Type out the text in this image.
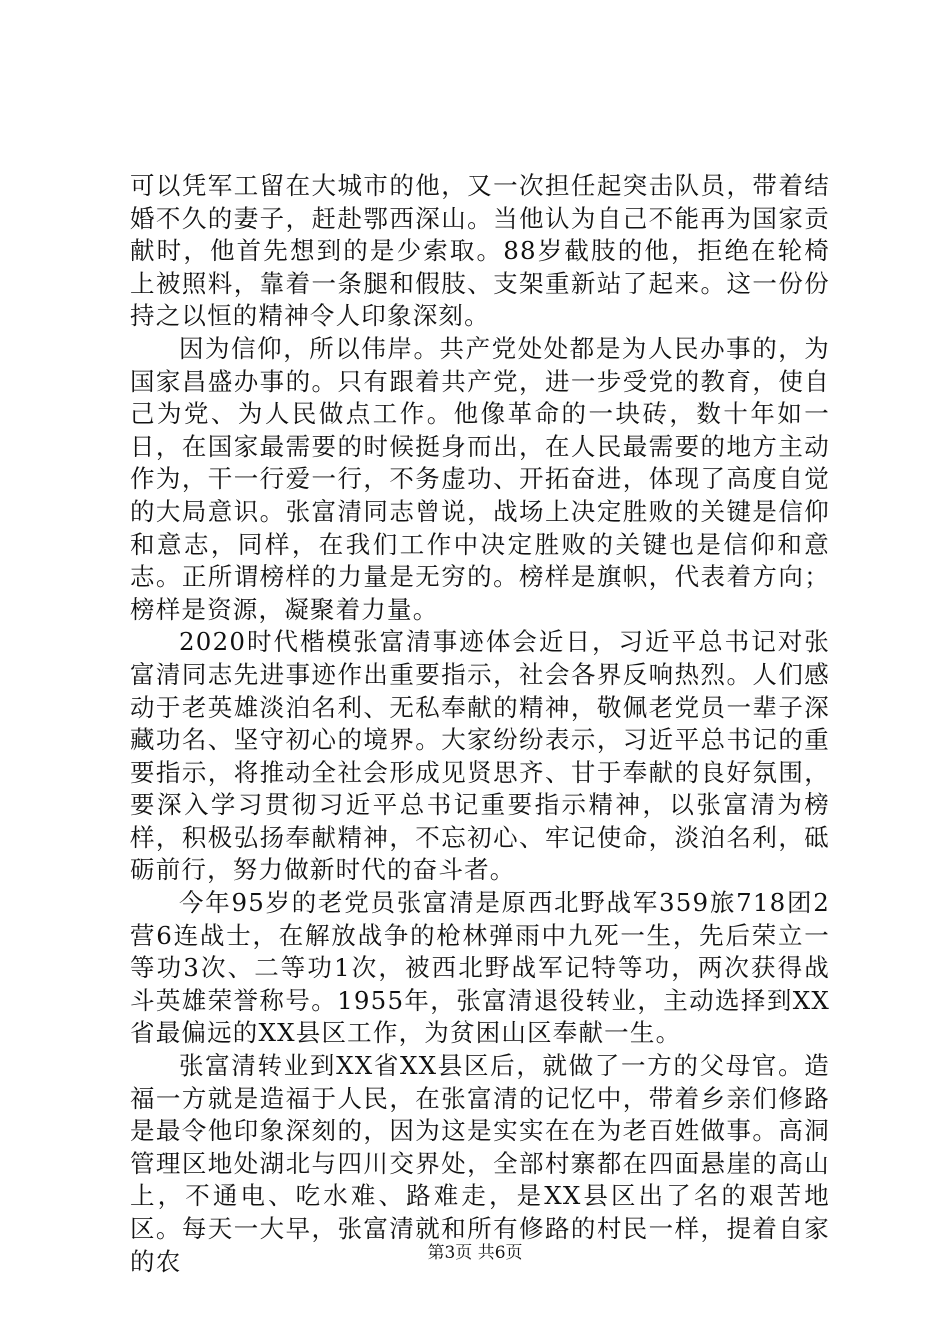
可以凭军工留在大城市的他，又一次担任起突击队员，带着结婚不久的妻子，赶赴鄂西深山。当他认为自己不能再为国家贡献时，他首先想到的是少索取。88岁截肢的他，拒绝在轮椅上被照料，靠着一条腿和假肢、支架重新站了起来。这一份份持之以恒的精神令人印象深刻。

因为信仰，所以伟岸。共产党处处都是为人民办事的，为国家昌盛办事的。只有跟着共产党，进一步受党的教育，使自己为党、为人民做点工作。他像革命的一块砖，数十年如一日，在国家最需要的时候挺身而出，在人民最需要的地方主动作为，干一行爱一行，不务虚功、开拓奋进，体现了高度自觉的大局意识。张富清同志曾说，战场上决定胜败的关键是信仰和意志，同样，在我们工作中决定胜败的关键也是信仰和意志。正所谓榜样的力量是无穷的。榜样是旗帜，代表着方向；榜样是资源，凝聚着力量。

2020时代楷模张富清事迹体会近日，习近平总书记对张富清同志先进事迹作出重要指示，社会各界反响热烈。人们感动于老英雄淡泊名利、无私奉献的精神，敬佩老党员一辈子深藏功名、坚守初心的境界。大家纷纷表示，习近平总书记的重要指示，将推动全社会形成见贤思齐、甘于奉献的良好氛围，要深入学习贯彻习近平总书记重要指示精神，以张富清为榜样，积极弘扬奉献精神，不忘初心、牢记使命，淡泊名利，砥砺前行，努力做新时代的奋斗者。

今年95岁的老党员张富清是原西北野战军359旅718团2营6连战士，在解放战争的枪林弹雨中九死一生，先后荣立一等功3次、二等功1次，被西北野战军记特等功，两次获得战斗英雄荣誉称号。1955年，张富清退役转业，主动选择到XX省最偏远的XX县区工作，为贫困山区奉献一生。

张富清转业到XX省XX县区后，就做了一方的父母官。造福一方就是造福于人民，在张富清的记忆中，带着乡亲们修路是最令他印象深刻的，因为这是实实在在为老百姓做事。高洞管理区地处湖北与四川交界处，全部村寨都在四面悬崖的高山上，不通电、吃水难、路难走，是XX县区出了名的艰苦地区。每天一大早，张富清就和所有修路的村民一样，提着自家的农	第3页 共6页
